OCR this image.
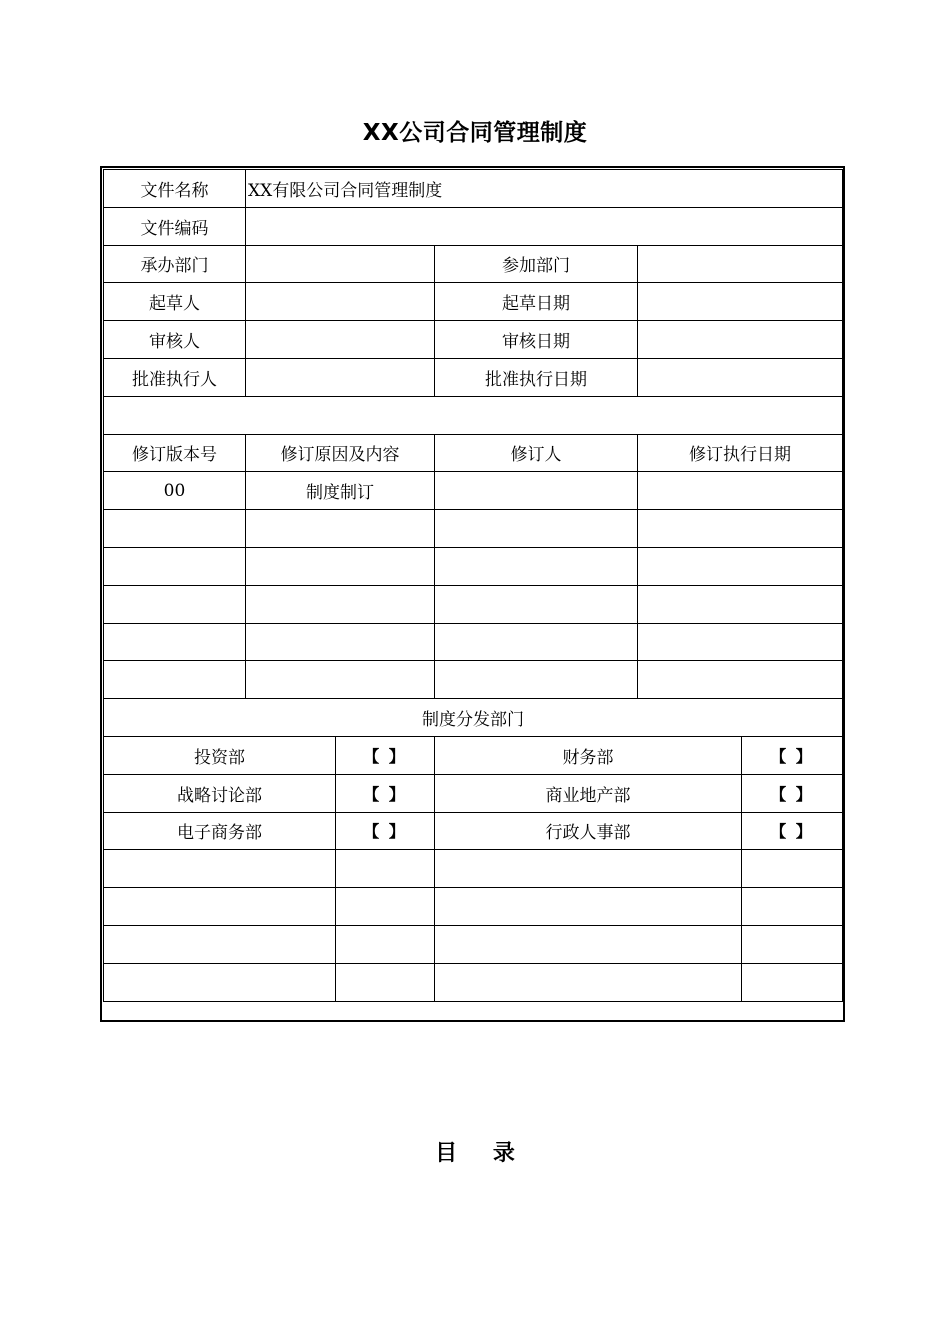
XX公司合同管理制度
文件名称	XX有限公司合同管理制度				
文件编码					
承办部门			参加部门		
起草人			起草日期		
审核人			审核日期		
批准执行人			批准执行日期		

修订版本号	修订原因及内容		修订人	修订执行日期	
00	制度制订				

制度分发部门					
投资部		【 】	财务部		【 】
战略讨论部		【 】	商业地产部		【 】
电子商务部		【 】	行政人事部		【 】

目 录
